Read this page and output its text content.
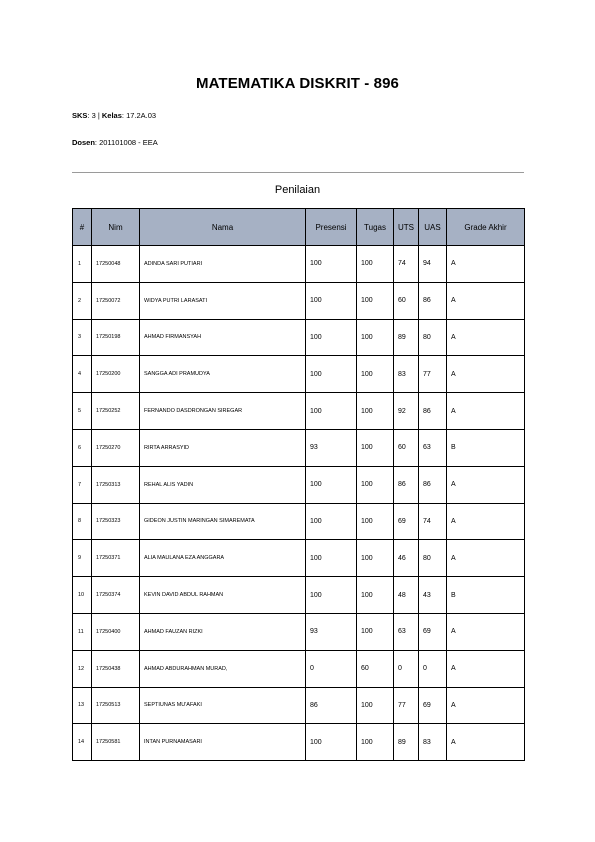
MATEMATIKA DISKRIT - 896
SKS: 3 | Kelas: 17.2A.03
Dosen: 201101008 - EEA
Penilaian
#	Nim	Nama	Presensi	Tugas	UTS	UAS	Grade Akhir
1	17250048	ADINDA SARI PUTIARI	100	100	74	94	A
2	17250072	WIDYA PUTRI LARASATI	100	100	60	86	A
3	17250198	AHMAD FIRMANSYAH	100	100	89	80	A
4	17250200	SANGGA ADI PRAMUDYA	100	100	83	77	A
5	17250252	FERNANDO DASDRONGAN SIREGAR	100	100	92	86	A
6	17250270	RIRTA ARRASYID	93	100	60	63	B
7	17250313	REHAL ALIS YADIN	100	100	86	86	A
8	17250323	GIDEON JUSTIN MARINGAN SIMAREMATA	100	100	69	74	A
9	17250371	ALIA MAULANA EZA ANGGARA	100	100	46	80	A
10	17250374	KEVIN DAVID ABDUL RAHMAN	100	100	48	43	B
11	17250400	AHMAD FAUZAN RIZKI	93	100	63	69	A
12	17250438	AHMAD ABDURAHMAN MURAD,	0	60	0	0	A
13	17250513	SEPTIUNAS MU'AFAKI	86	100	77	69	A
14	17250581	INTAN PURNAMASARI	100	100	89	83	A
